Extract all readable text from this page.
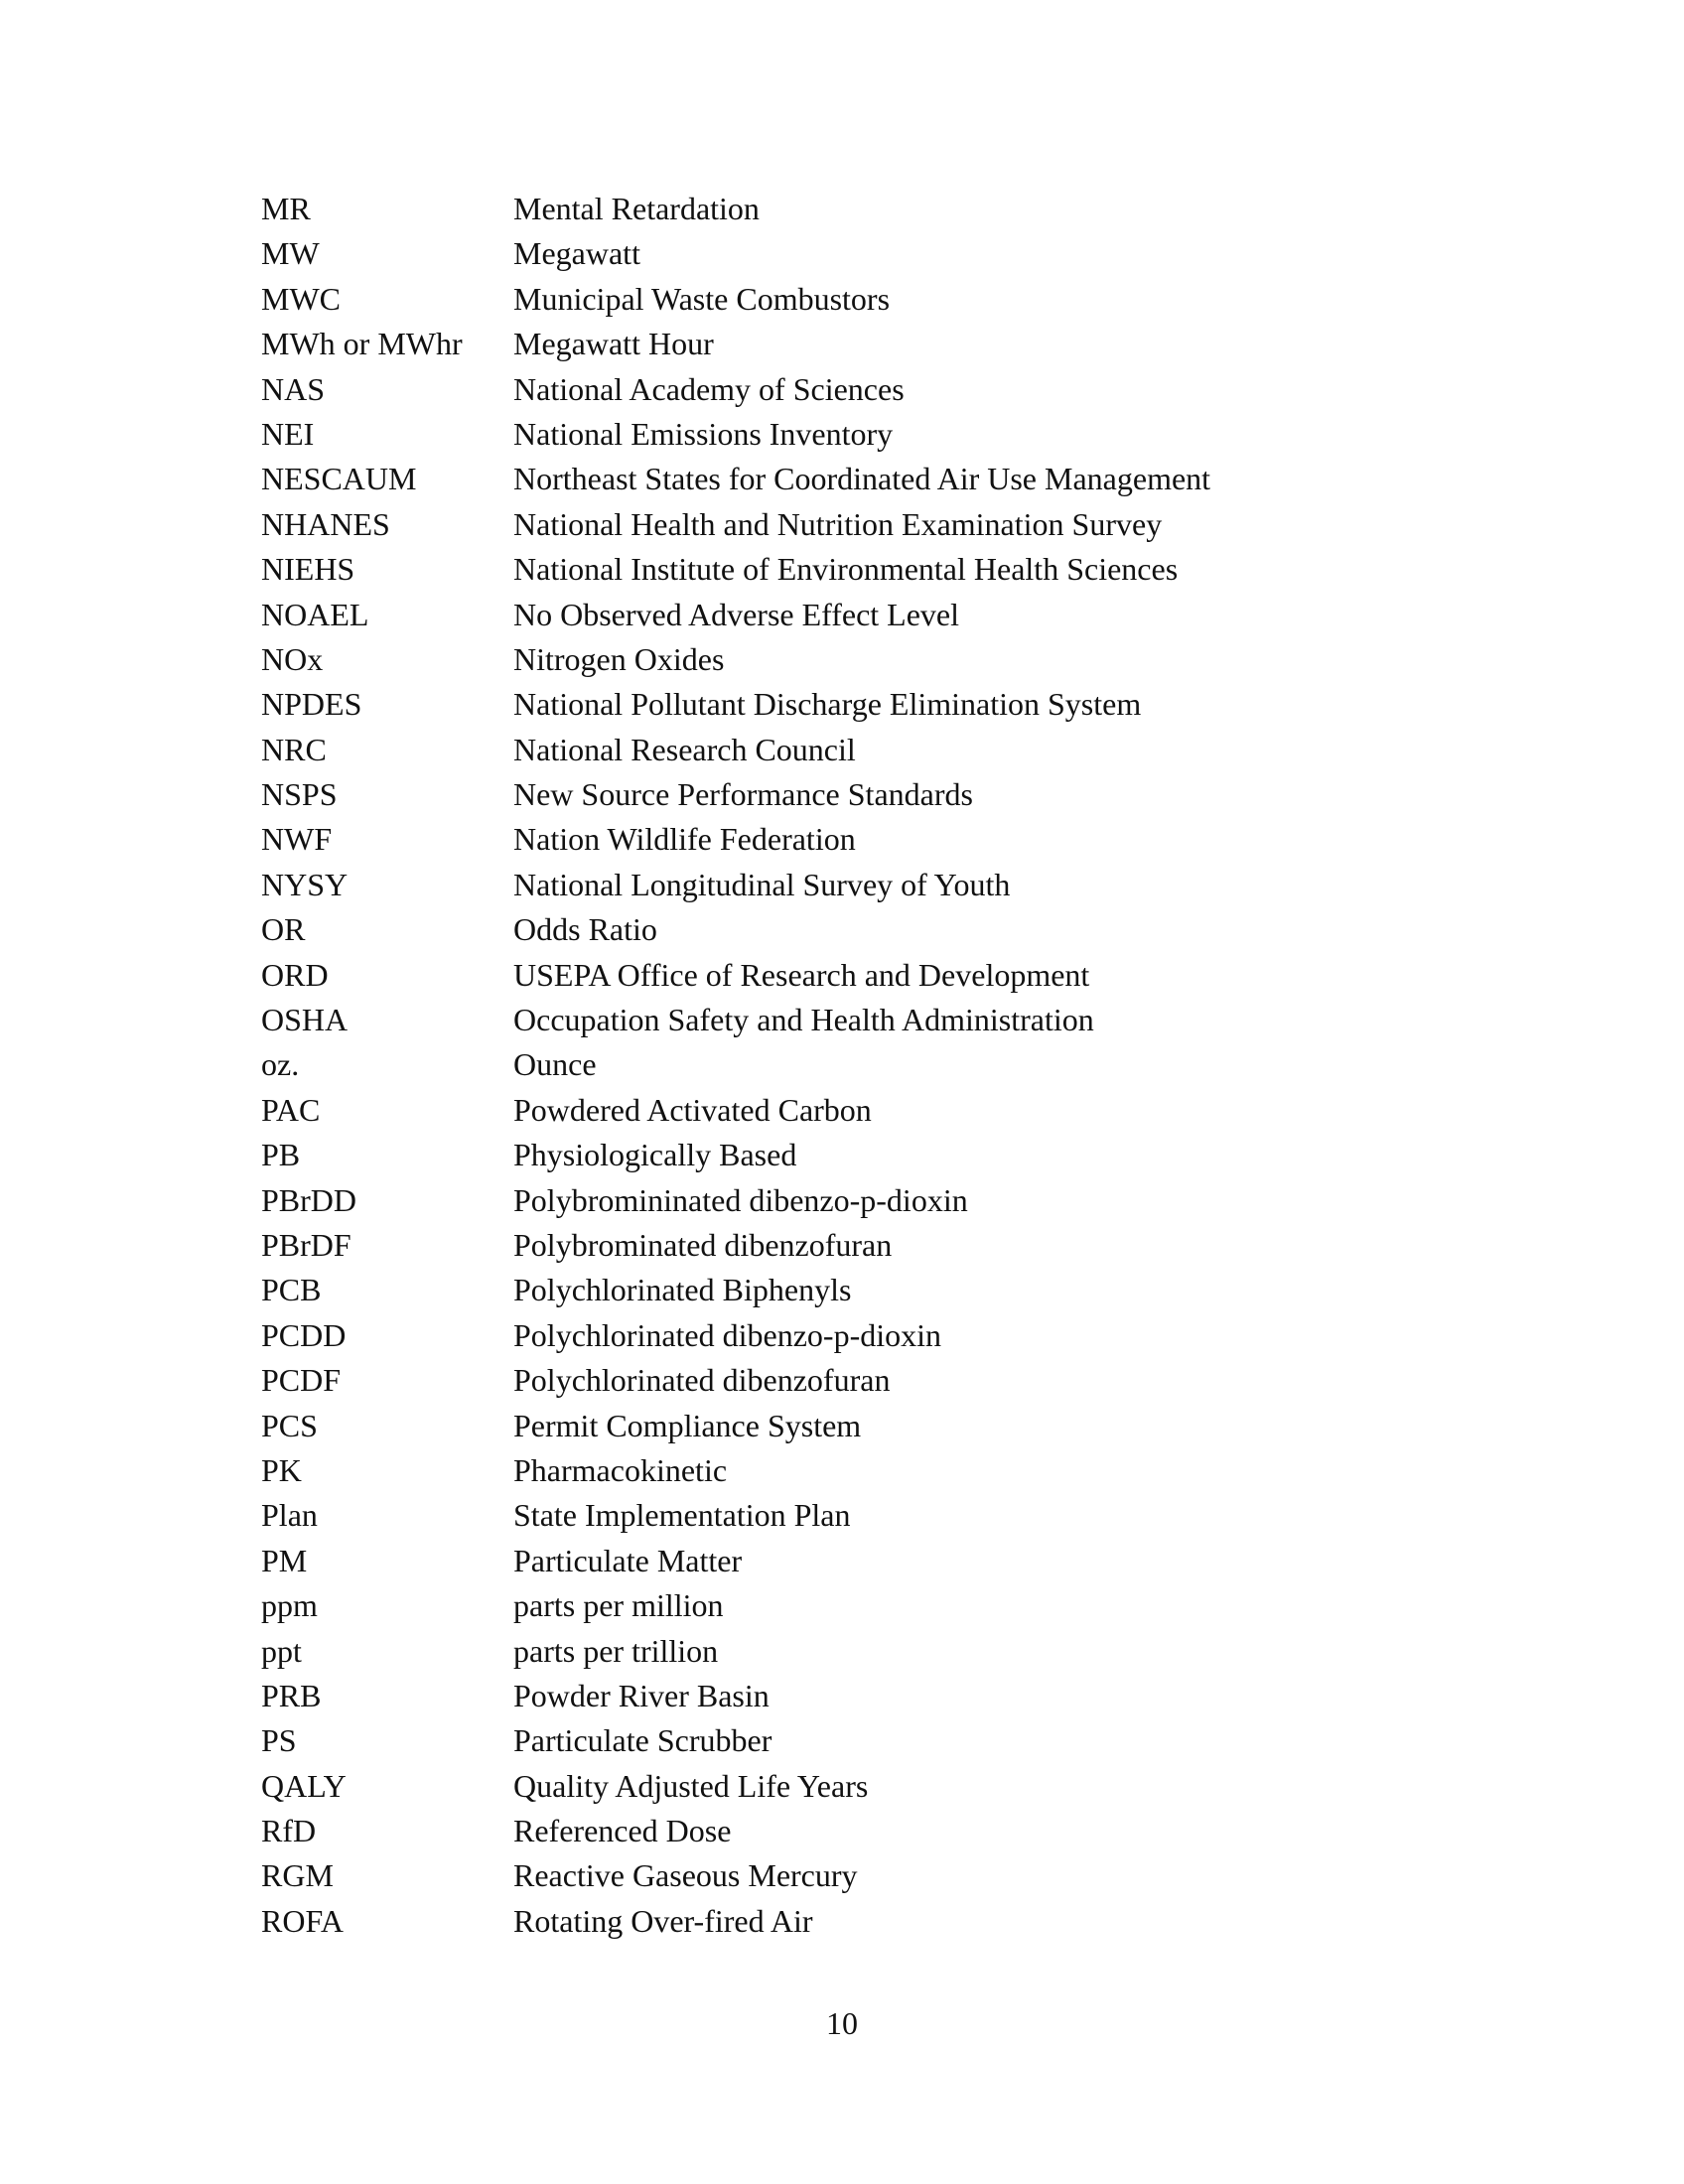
MR	Mental Retardation
MW	Megawatt
MWC	Municipal Waste Combustors
MWh or MWhr	Megawatt Hour
NAS	National Academy of Sciences
NEI	National Emissions Inventory
NESCAUM	Northeast States for Coordinated Air Use Management
NHANES	National Health and Nutrition Examination Survey
NIEHS	National Institute of Environmental Health Sciences
NOAEL	No Observed Adverse Effect Level
NOx	Nitrogen Oxides
NPDES	National Pollutant Discharge Elimination System
NRC	National Research Council
NSPS	New Source Performance Standards
NWF	Nation Wildlife Federation
NYSY	National Longitudinal Survey of Youth
OR	Odds Ratio
ORD	USEPA Office of Research and Development
OSHA	Occupation Safety and Health Administration
oz.	Ounce
PAC	Powdered Activated Carbon
PB	Physiologically Based
PBrDD	Polybromininated dibenzo-p-dioxin
PBrDF	Polybrominated dibenzofuran
PCB	Polychlorinated Biphenyls
PCDD	Polychlorinated dibenzo-p-dioxin
PCDF	Polychlorinated dibenzofuran
PCS	Permit Compliance System
PK	Pharmacokinetic
Plan	State Implementation Plan
PM	Particulate Matter
ppm	parts per million
ppt	parts per trillion
PRB	Powder River Basin
PS	Particulate Scrubber
QALY	Quality Adjusted Life Years
RfD	Referenced Dose
RGM	Reactive Gaseous Mercury
ROFA	Rotating Over-fired Air
10
